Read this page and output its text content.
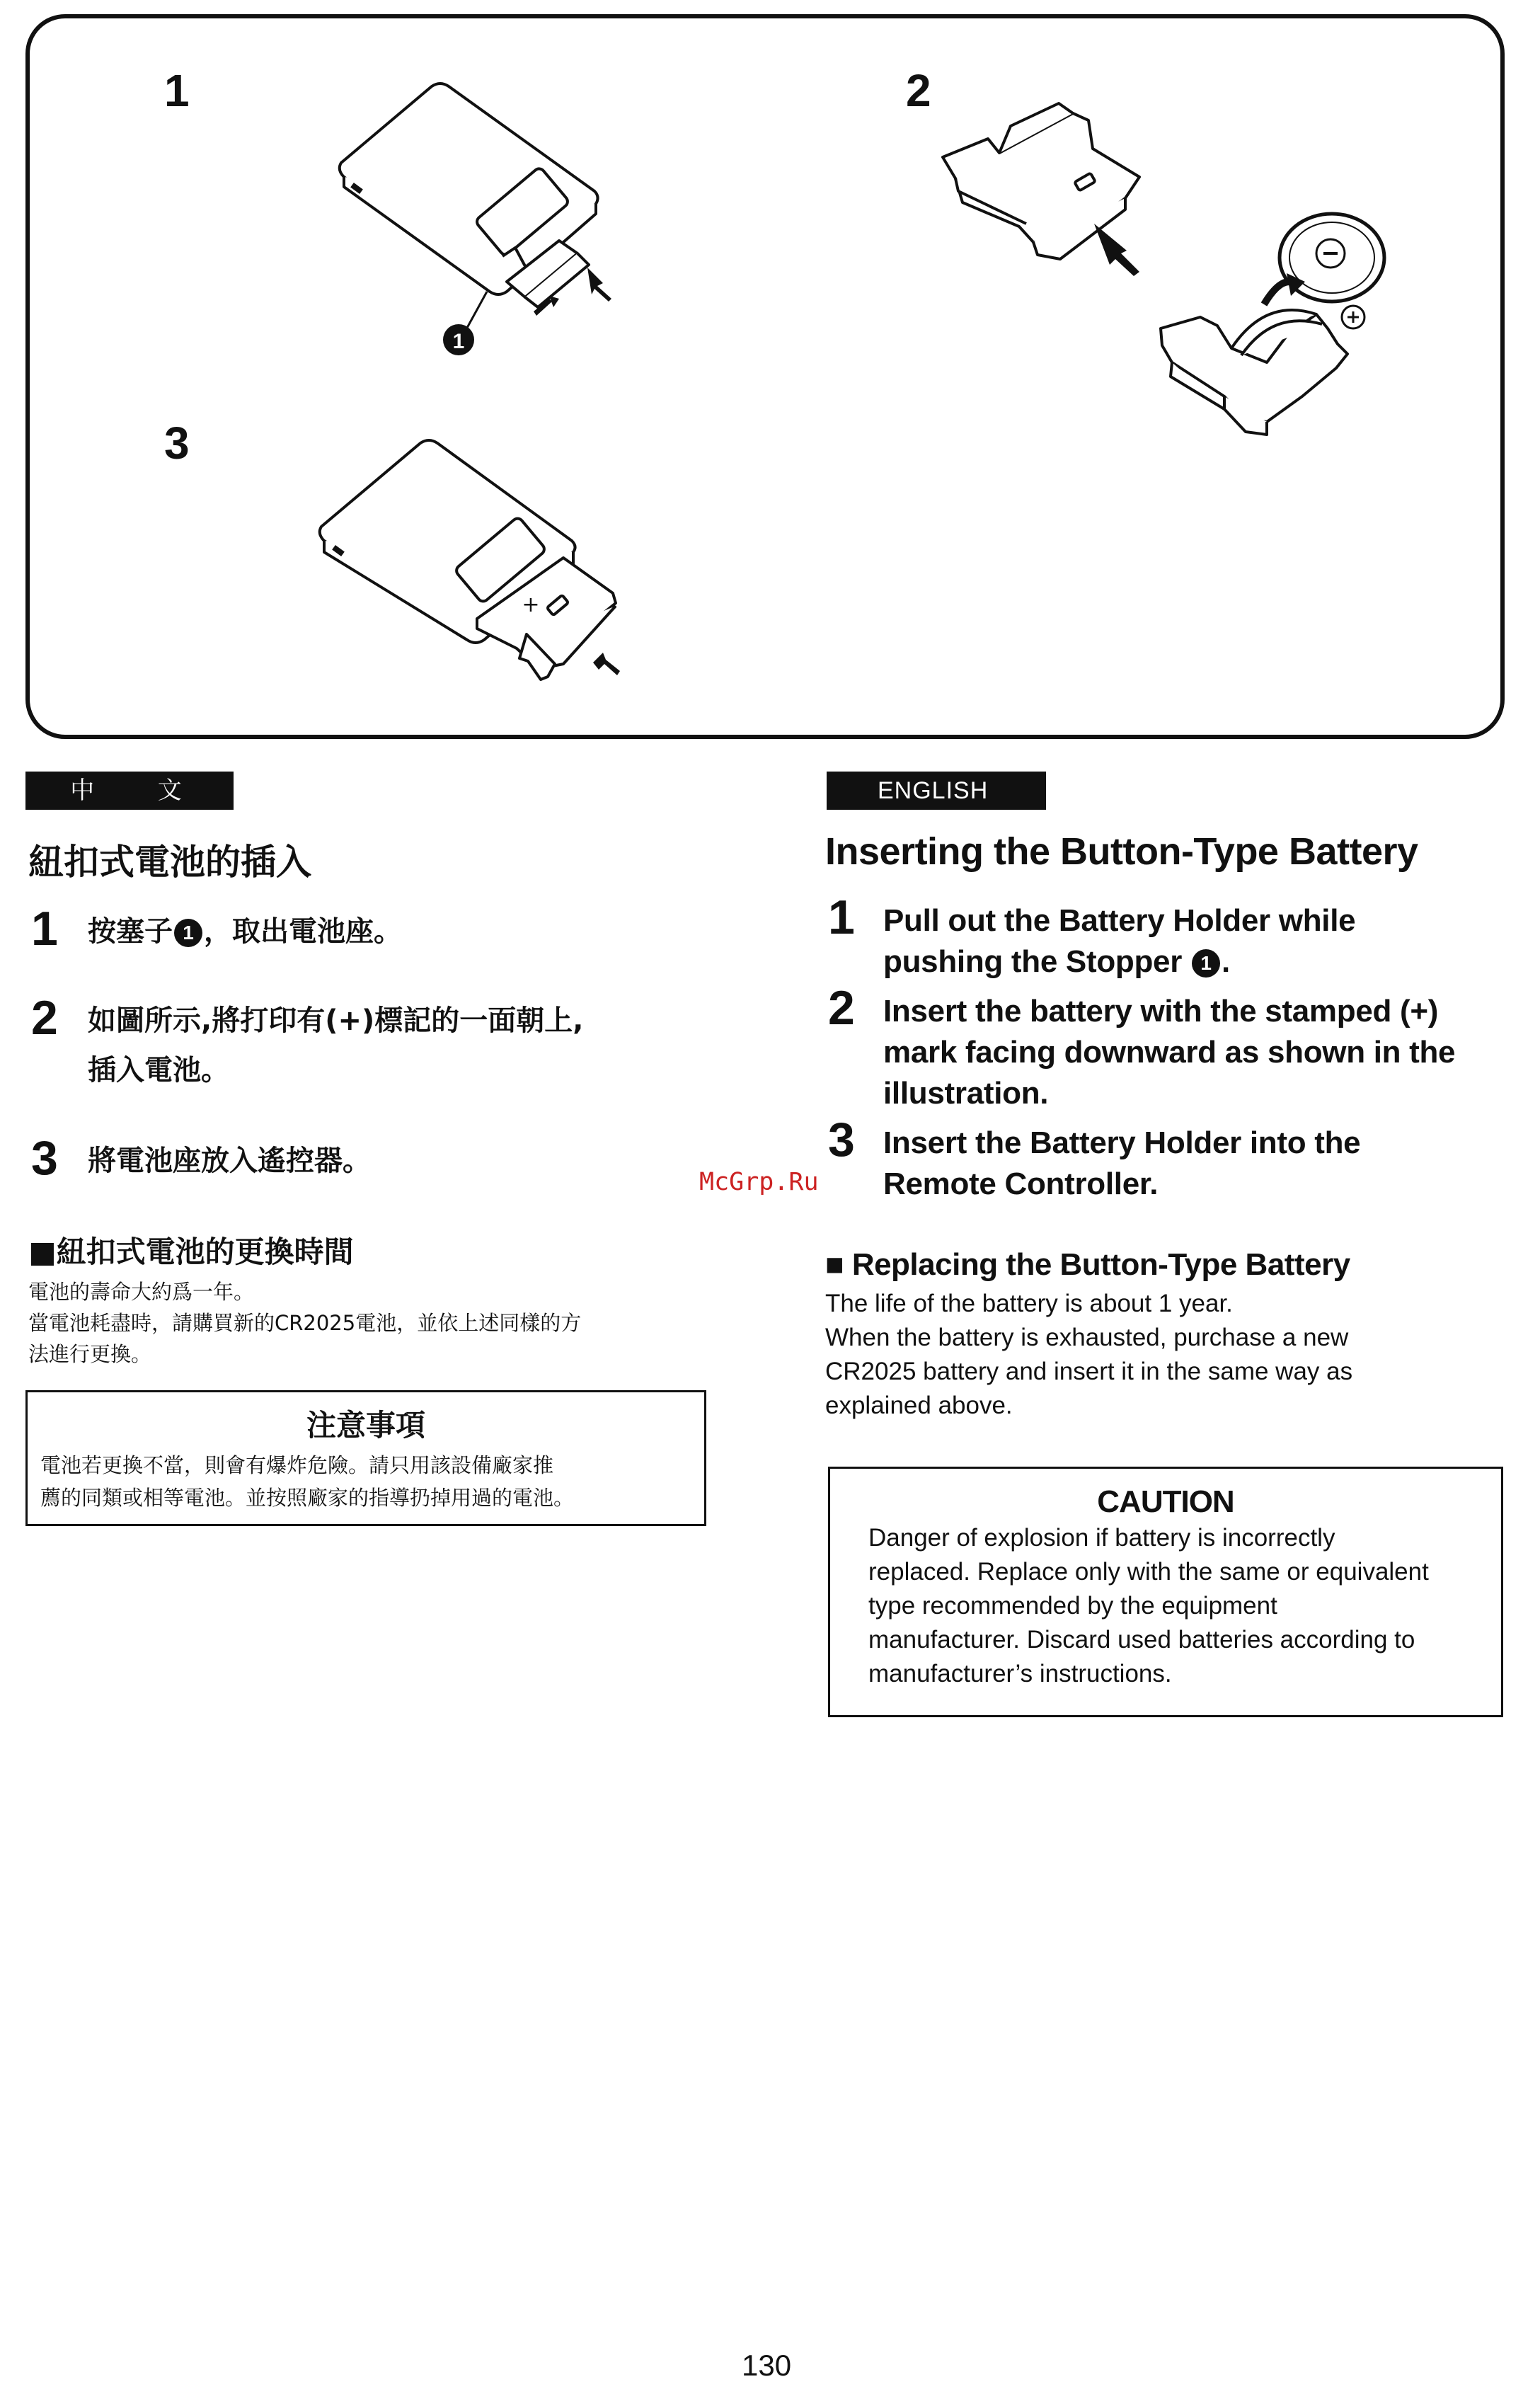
1	2
3
1
+
中 文
紐扣式電池的插入
1 按塞子 1 ，取出電池座。
2 如圖所示,將打印有(+)標記的一面朝上,
插入電池。
3 將電池座放入遙控器。
■紐扣式電池的更換時間
電池的壽命大約爲一年。
當電池耗盡時，請購買新的CR2025電池，並依上述同樣的方
法進行更換。
注意事項
電池若更換不當，則會有爆炸危險。請只用該設備廠家推
薦的同類或相等電池。並按照廠家的指導扔掉用過的電池。
ENGLISH
Inserting the Button-Type Battery
1 Pull out the Battery Holder while
pushing the Stopper 1 .
2 Insert the battery with the stamped (+)
mark facing downward as shown in the
illustration.
3 Insert the Battery Holder into the
Remote Controller.
■ Replacing the Button-Type Battery
The life of the battery is about 1 year.
When the battery is exhausted, purchase a new
CR2025 battery and insert it in the same way as
explained above.
CAUTION
Danger of explosion if battery is incorrectly
replaced. Replace only with the same or equivalent
type recommended by the equipment
manufacturer. Discard used batteries according to
manufacturer’s instructions.
McGrp.Ru
130
